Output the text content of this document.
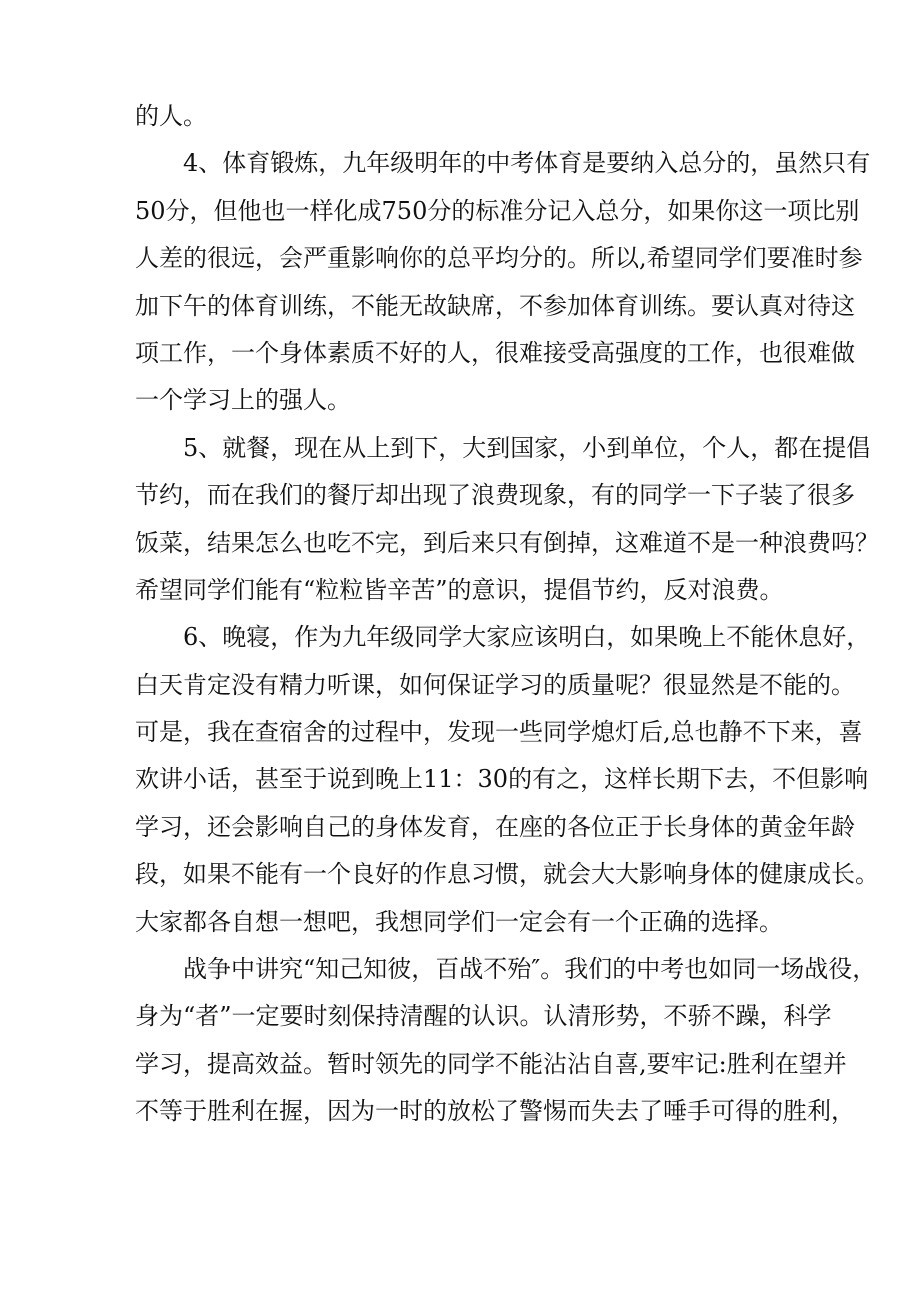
的人。
4、体育锻炼，九年级明年的中考体育是要纳入总分的，虽然只有
50分，但他也一样化成750分的标准分记入总分，如果你这一项比别
人差的很远，会严重影响你的总平均分的。所以,希望同学们要准时参
加下午的体育训练，不能无故缺席，不参加体育训练。要认真对待这
项工作，一个身体素质不好的人，很难接受高强度的工作，也很难做
一个学习上的强人。
5、就餐，现在从上到下，大到国家，小到单位，个人，都在提倡
节约，而在我们的餐厅却出现了浪费现象，有的同学一下子装了很多
饭菜，结果怎么也吃不完，到后来只有倒掉，这难道不是一种浪费吗？
希望同学们能有“粒粒皆辛苦”的意识，提倡节约，反对浪费。
6、晚寝，作为九年级同学大家应该明白，如果晚上不能休息好，
白天肯定没有精力听课，如何保证学习的质量呢？很显然是不能的。
可是，我在查宿舍的过程中，发现一些同学熄灯后,总也静不下来，喜
欢讲小话，甚至于说到晚上11：30的有之，这样长期下去，不但影响
学习，还会影响自己的身体发育，在座的各位正于长身体的黄金年龄
段，如果不能有一个良好的作息习惯，就会大大影响身体的健康成长。
大家都各自想一想吧，我想同学们一定会有一个正确的选择。
战争中讲究“知己知彼，百战不殆″。我们的中考也如同一场战役，
身为“者”一定要时刻保持清醒的认识。认清形势，不骄不躁，科学
学习，提高效益。暂时领先的同学不能沾沾自喜,要牢记:胜利在望并
不等于胜利在握，因为一时的放松了警惕而失去了唾手可得的胜利，
